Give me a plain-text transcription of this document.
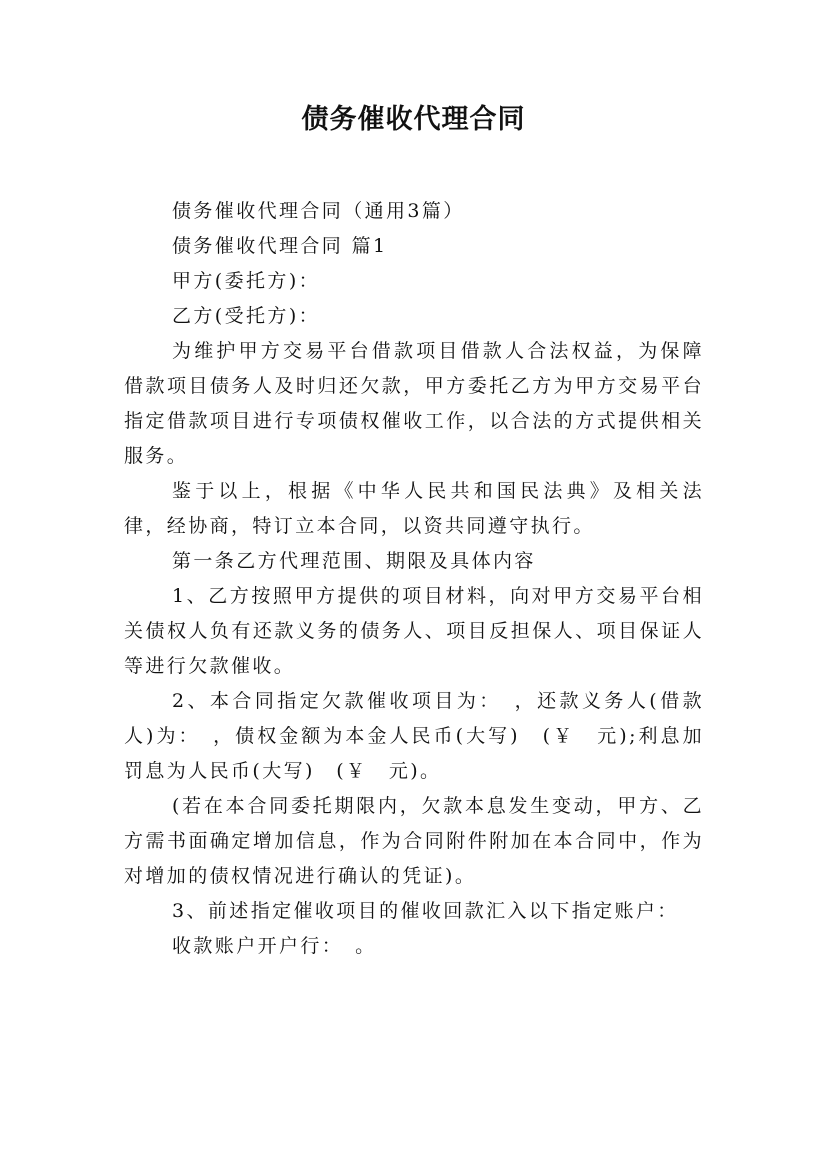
债务催收代理合同

债务催收代理合同（通用3篇）

债务催收代理合同 篇1

甲方(委托方)：

乙方(受托方)：

为维护甲方交易平台借款项目借款人合法权益，为保障借款项目债务人及时归还欠款，甲方委托乙方为甲方交易平台指定借款项目进行专项债权催收工作，以合法的方式提供相关服务。

鉴于以上，根据《中华人民共和国民法典》及相关法律，经协商，特订立本合同，以资共同遵守执行。

第一条乙方代理范围、期限及具体内容

1、乙方按照甲方提供的项目材料，向对甲方交易平台相关债权人负有还款义务的债务人、项目反担保人、项目保证人等进行欠款催收。

2、本合同指定欠款催收项目为：　，还款义务人(借款人)为：　，债权金额为本金人民币(大写)　(￥　元);利息加罚息为人民币(大写)　(￥　元)。

(若在本合同委托期限内，欠款本息发生变动，甲方、乙方需书面确定增加信息，作为合同附件附加在本合同中，作为对增加的债权情况进行确认的凭证)。

3、前述指定催收项目的催收回款汇入以下指定账户：

收款账户开户行：　。
